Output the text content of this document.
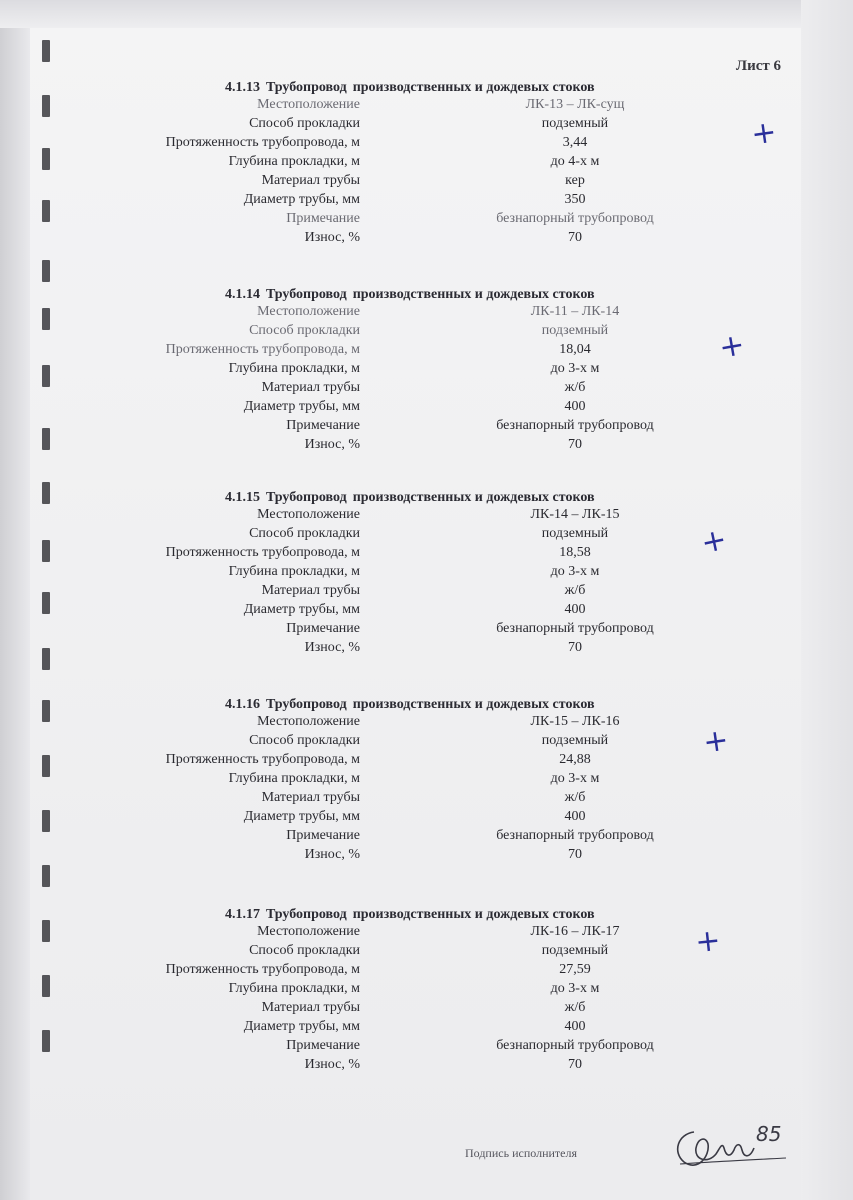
Лист 6
4.1.13 Трубопровод производственных и дождевых стоков
Местоположение	ЛК-13 – ЛК-сущ
Способ прокладки	подземный
Протяженность трубопровода, м	3,44
Глубина прокладки, м	до 4-х м
Материал трубы	кер
Диаметр трубы, мм	350
Примечание	безнапорный трубопровод
Износ, %	70
4.1.14 Трубопровод производственных и дождевых стоков
Местоположение	ЛК-11 – ЛК-14
Способ прокладки	подземный
Протяженность трубопровода, м	18,04
Глубина прокладки, м	до 3-х м
Материал трубы	ж/б
Диаметр трубы, мм	400
Примечание	безнапорный трубопровод
Износ, %	70
4.1.15 Трубопровод производственных и дождевых стоков
Местоположение	ЛК-14 – ЛК-15
Способ прокладки	подземный
Протяженность трубопровода, м	18,58
Глубина прокладки, м	до 3-х м
Материал трубы	ж/б
Диаметр трубы, мм	400
Примечание	безнапорный трубопровод
Износ, %	70
4.1.16 Трубопровод производственных и дождевых стоков
Местоположение	ЛК-15 – ЛК-16
Способ прокладки	подземный
Протяженность трубопровода, м	24,88
Глубина прокладки, м	до 3-х м
Материал трубы	ж/б
Диаметр трубы, мм	400
Примечание	безнапорный трубопровод
Износ, %	70
4.1.17 Трубопровод производственных и дождевых стоков
Местоположение	ЛК-16 – ЛК-17
Способ прокладки	подземный
Протяженность трубопровода, м	27,59
Глубина прокладки, м	до 3-х м
Материал трубы	ж/б
Диаметр трубы, мм	400
Примечание	безнапорный трубопровод
Износ, %	70
+
+
+
+
+
Подпись исполнителя
85
